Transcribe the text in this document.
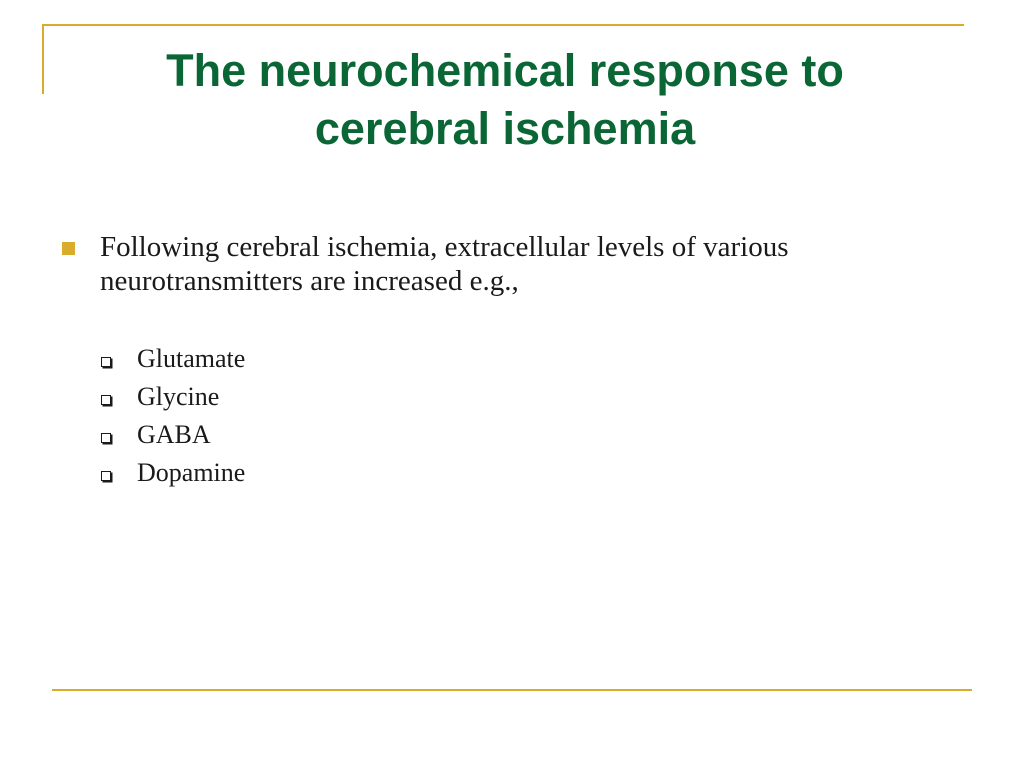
The neurochemical response to
cerebral ischemia
Following cerebral ischemia, extracellular levels of various
neurotransmitters are increased e.g.,
Glutamate
Glycine
GABA
Dopamine
